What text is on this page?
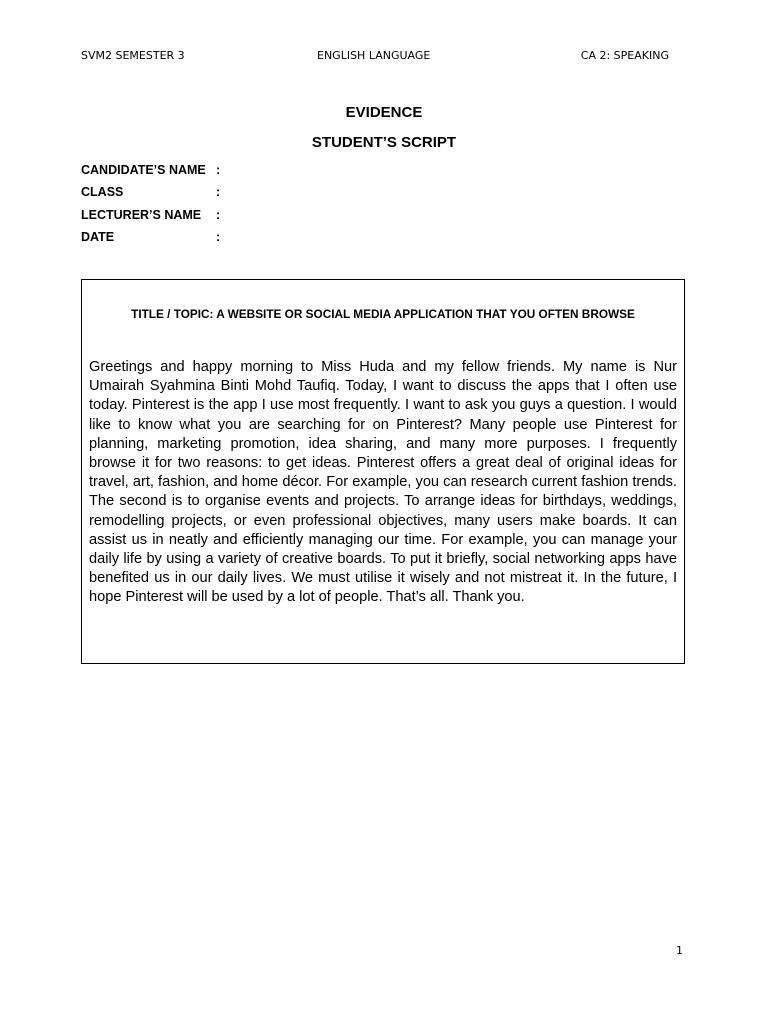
SVM2 SEMESTER 3	ENGLISH LANGUAGE	CA 2: SPEAKING
EVIDENCE
STUDENT’S SCRIPT
CANDIDATE’S NAME :
CLASS	:
LECTURER’S NAME :
DATE	:
TITLE / TOPIC: A WEBSITE OR SOCIAL MEDIA APPLICATION THAT YOU OFTEN BROWSE

Greetings and happy morning to Miss Huda and my fellow friends. My name is Nur Umairah Syahmina Binti Mohd Taufiq. Today, I want to discuss the apps that I often use today. Pinterest is the app I use most frequently. I want to ask you guys a question. I would like to know what you are searching for on Pinterest? Many people use Pinterest for planning, marketing promotion, idea sharing, and many more purposes. I frequently browse it for two reasons: to get ideas. Pinterest offers a great deal of original ideas for travel, art, fashion, and home décor. For example, you can research current fashion trends. The second is to organise events and projects. To arrange ideas for birthdays, weddings, remodelling projects, or even professional objectives, many users make boards. It can assist us in neatly and efficiently managing our time. For example, you can manage your daily life by using a variety of creative boards. To put it briefly, social networking apps have benefited us in our daily lives. We must utilise it wisely and not mistreat it. In the future, I hope Pinterest will be used by a lot of people. That’s all. Thank you.

1
